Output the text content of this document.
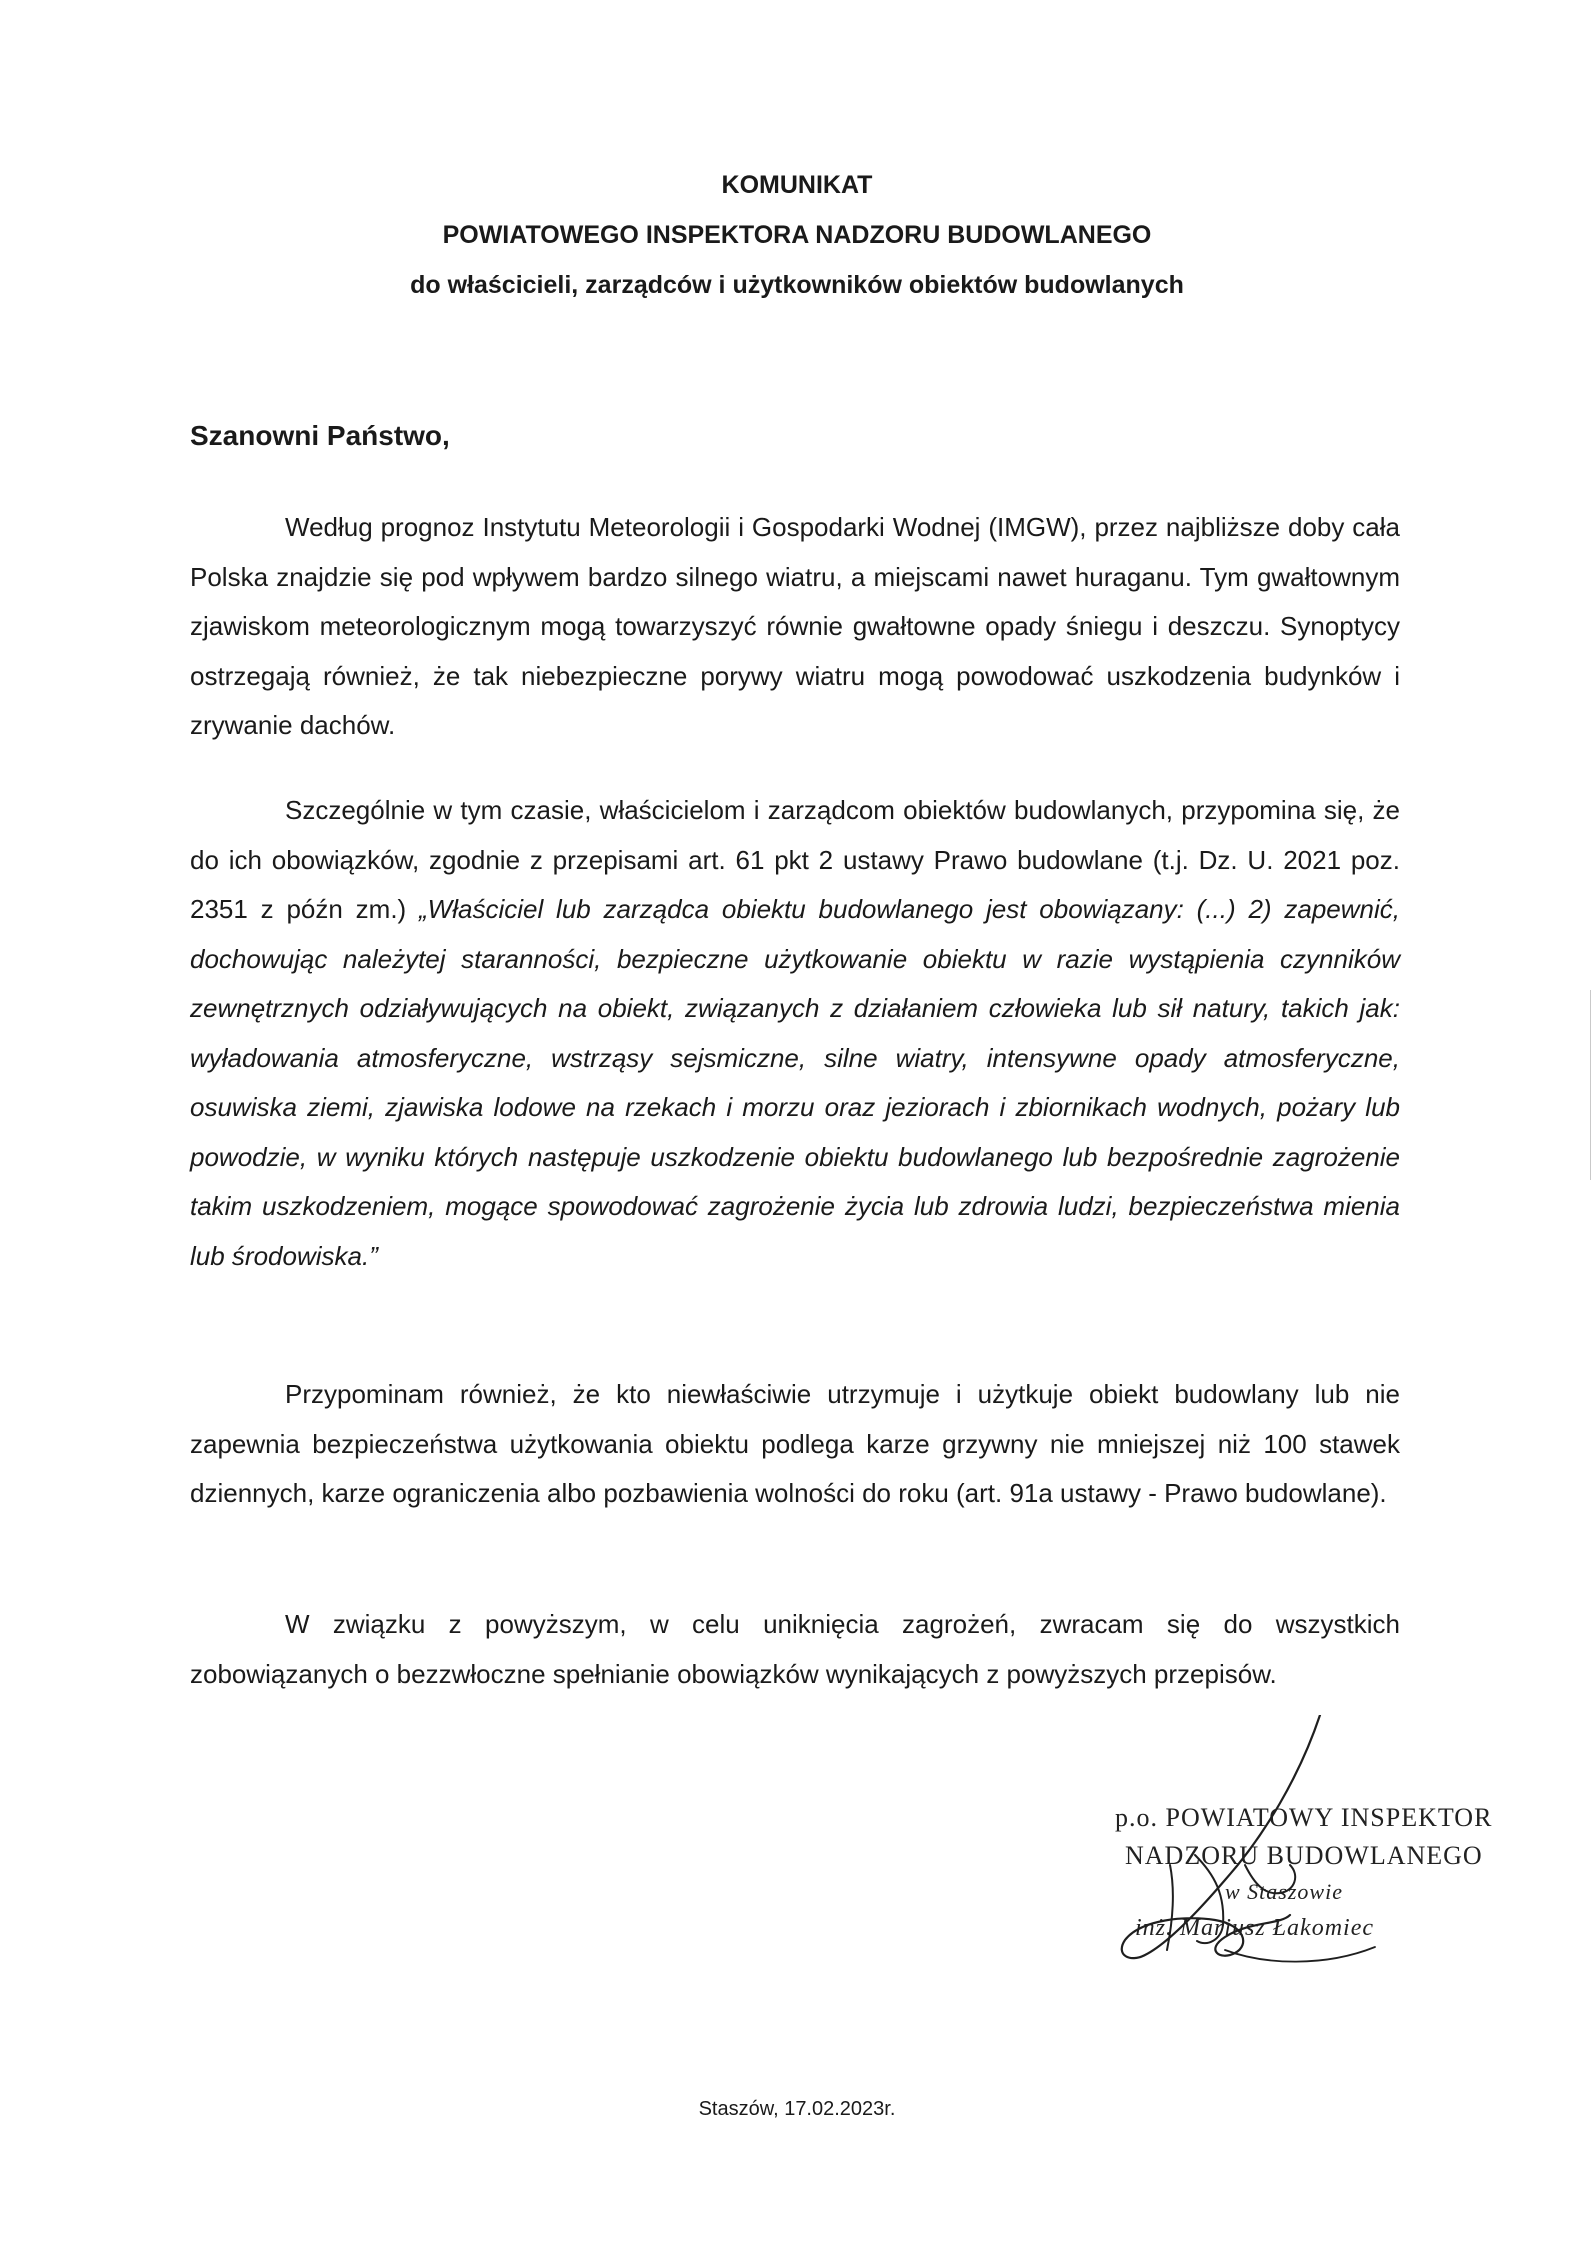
KOMUNIKAT
POWIATOWEGO INSPEKTORA NADZORU BUDOWLANEGO
do właścicieli, zarządców i użytkowników obiektów budowlanych
Szanowni Państwo,

Według prognoz Instytutu Meteorologii i Gospodarki Wodnej (IMGW), przez najbliższe doby cała Polska znajdzie się pod wpływem bardzo silnego wiatru, a miejscami nawet huraganu. Tym gwałtownym zjawiskom meteorologicznym mogą towarzyszyć równie gwałtowne opady śniegu i deszczu. Synoptycy ostrzegają również, że tak niebezpieczne porywy wiatru mogą powodować uszkodzenia budynków i zrywanie dachów.

Szczególnie w tym czasie, właścicielom i zarządcom obiektów budowlanych, przypomina się, że do ich obowiązków, zgodnie z przepisami art. 61 pkt 2 ustawy Prawo budowlane (t.j. Dz. U. 2021 poz. 2351 z późn zm.) „Właściciel lub zarządca obiektu budowlanego jest obowiązany: (...) 2) zapewnić, dochowując należytej staranności, bezpieczne użytkowanie obiektu w razie wystąpienia czynników zewnętrznych odziaływujących na obiekt, związanych z działaniem człowieka lub sił natury, takich jak: wyładowania atmosferyczne, wstrząsy sejsmiczne, silne wiatry, intensywne opady atmosferyczne, osuwiska ziemi, zjawiska lodowe na rzekach i morzu oraz jeziorach i zbiornikach wodnych, pożary lub powodzie, w wyniku których następuje uszkodzenie obiektu budowlanego lub bezpośrednie zagrożenie takim uszkodzeniem, mogące spowodować zagrożenie życia lub zdrowia ludzi, bezpieczeństwa mienia lub środowiska.”

Przypominam również, że kto niewłaściwie utrzymuje i użytkuje obiekt budowlany lub nie zapewnia bezpieczeństwa użytkowania obiektu podlega karze grzywny nie mniejszej niż 100 stawek dziennych, karze ograniczenia albo pozbawienia wolności do roku (art. 91a ustawy - Prawo budowlane).

W związku z powyższym, w celu uniknięcia zagrożeń, zwracam się do wszystkich zobowiązanych o bezzwłoczne spełnianie obowiązków wynikających z powyższych przepisów.

p.o. POWIATOWY INSPEKTOR
NADZORU BUDOWLANEGO
w Staszowie
inż. Mariusz Łakomiec
Staszów, 17.02.2023r.
